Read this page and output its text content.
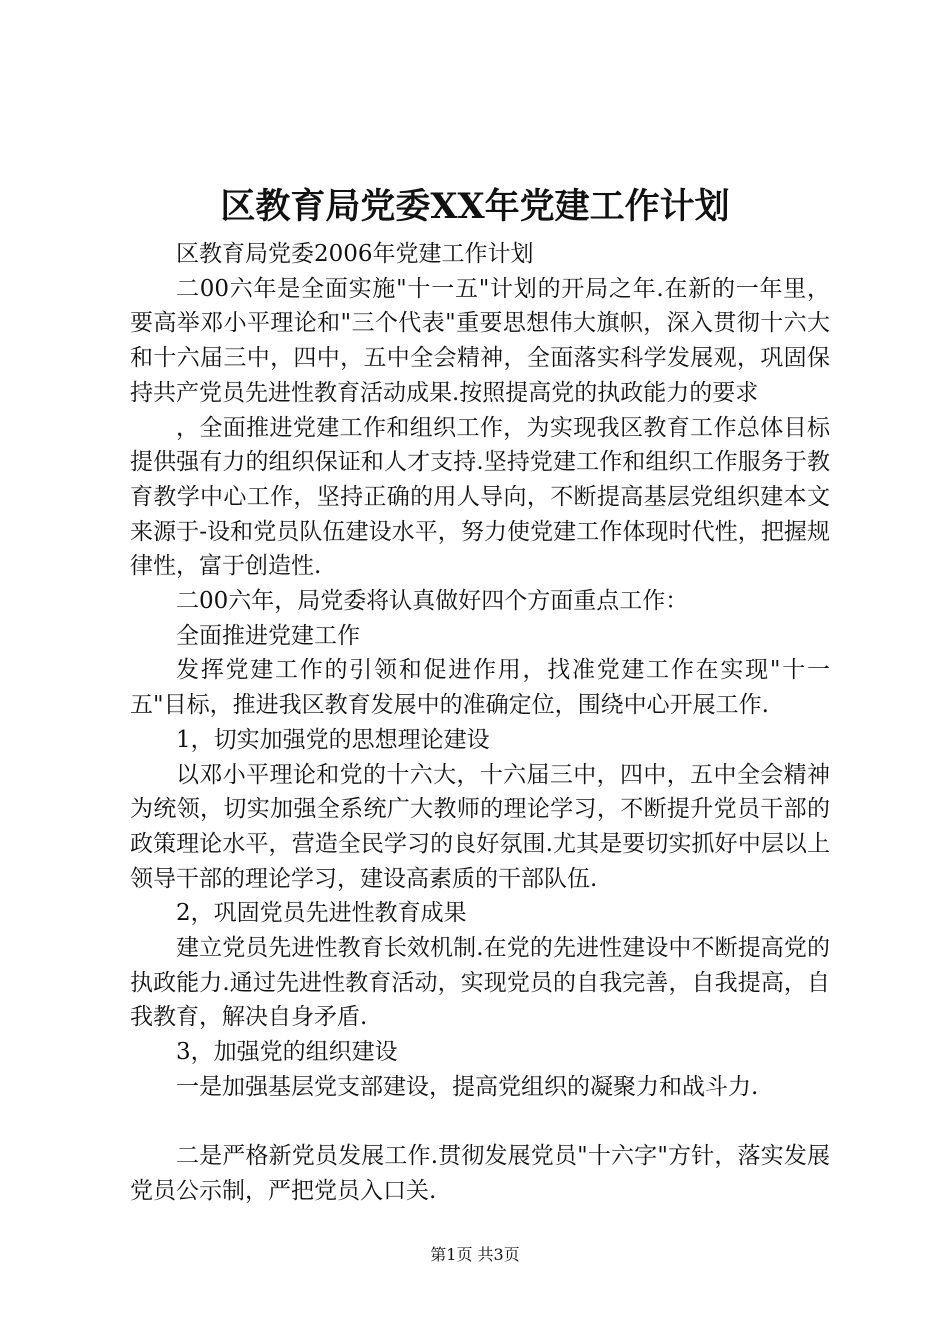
区教育局党委XX年党建工作计划

区教育局党委2006年党建工作计划

二00六年是全面实施"十一五"计划的开局之年.在新的一年里，要高举邓小平理论和"三个代表"重要思想伟大旗帜，深入贯彻十六大和十六届三中，四中，五中全会精神，全面落实科学发展观，巩固保持共产党员先进性教育活动成果.按照提高党的执政能力的要求

，全面推进党建工作和组织工作，为实现我区教育工作总体目标提供强有力的组织保证和人才支持.坚持党建工作和组织工作服务于教育教学中心工作，坚持正确的用人导向，不断提高基层党组织建本文来源于-设和党员队伍建设水平，努力使党建工作体现时代性，把握规律性，富于创造性.

二00六年，局党委将认真做好四个方面重点工作：

全面推进党建工作

发挥党建工作的引领和促进作用，找准党建工作在实现"十一五"目标，推进我区教育发展中的准确定位，围绕中心开展工作.

1，切实加强党的思想理论建设

以邓小平理论和党的十六大，十六届三中，四中，五中全会精神为统领，切实加强全系统广大教师的理论学习，不断提升党员干部的政策理论水平，营造全民学习的良好氛围.尤其是要切实抓好中层以上领导干部的理论学习，建设高素质的干部队伍.

2，巩固党员先进性教育成果

建立党员先进性教育长效机制.在党的先进性建设中不断提高党的执政能力.通过先进性教育活动，实现党员的自我完善，自我提高，自我教育，解决自身矛盾.

3，加强党的组织建设

一是加强基层党支部建设，提高党组织的凝聚力和战斗力.

二是严格新党员发展工作.贯彻发展党员"十六字"方针，落实发展党员公示制，严把党员入口关.

第1页 共3页
